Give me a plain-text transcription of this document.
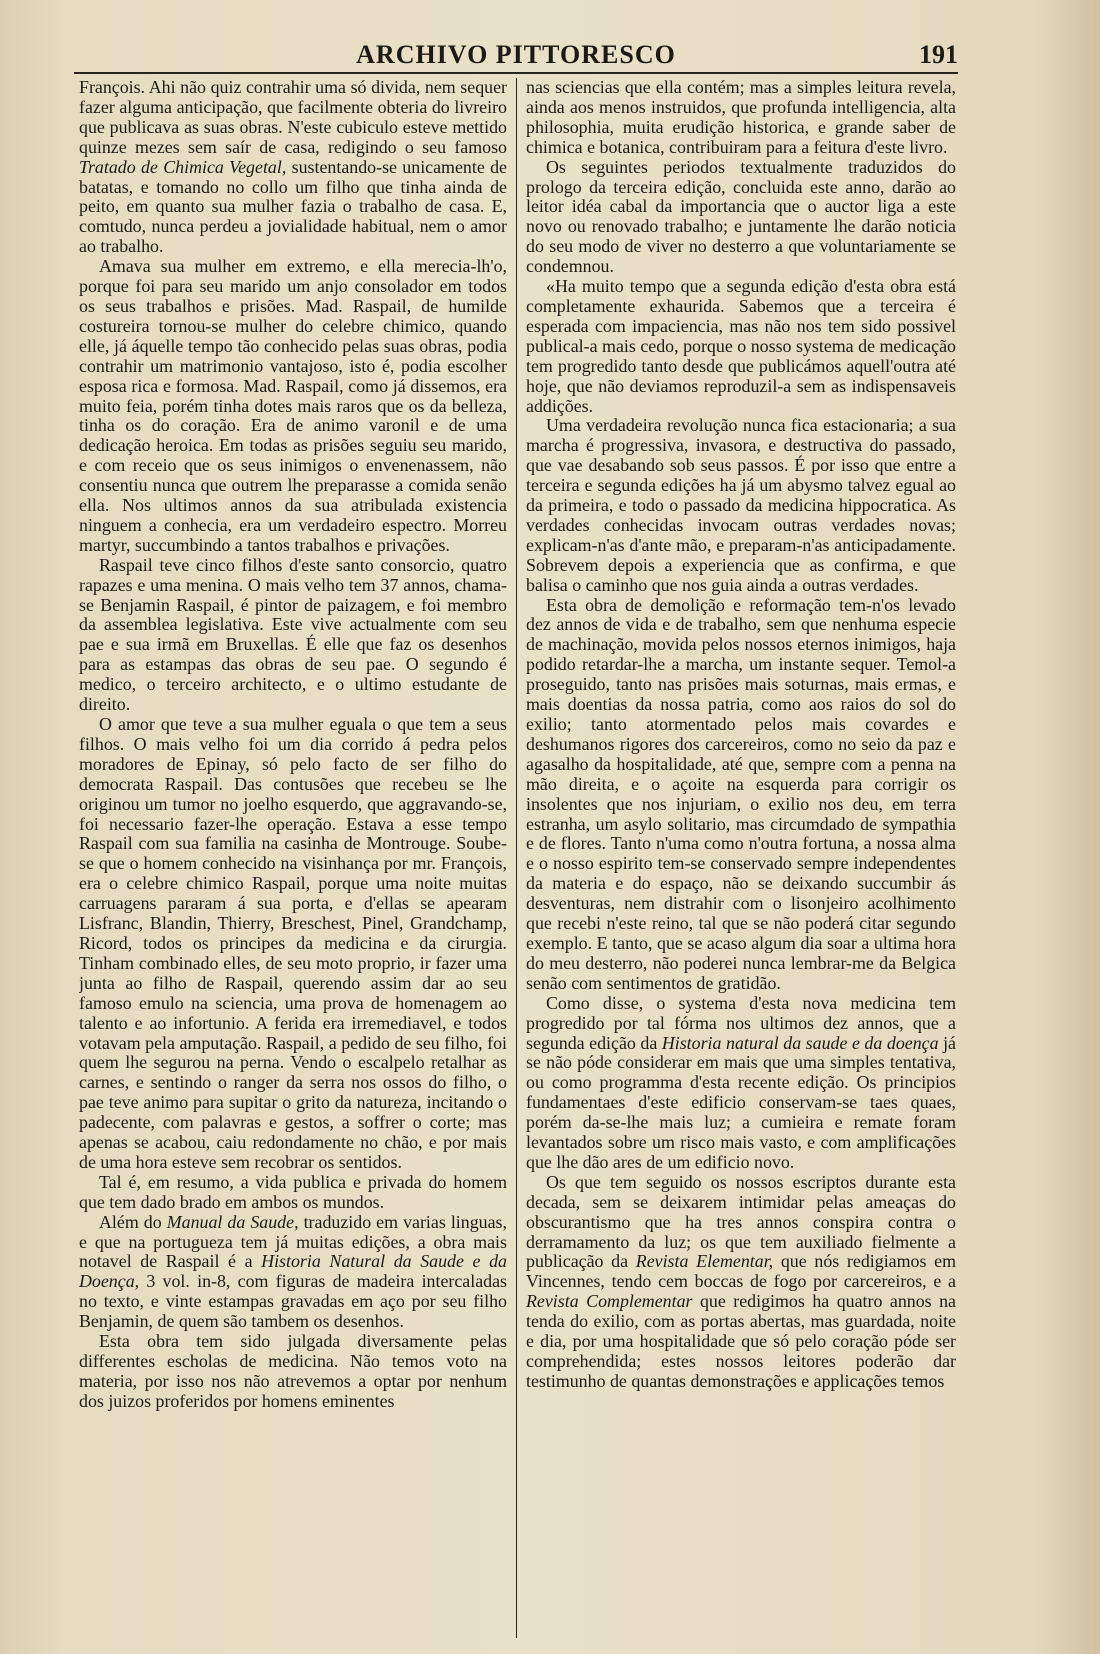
ARCHIVO PITTORESCO	191

François. Ahi não quiz contrahir uma só divida, nem sequer fazer alguma anticipação, que facilmente obteria do livreiro que publicava as suas obras. N'este cubiculo esteve mettido quinze mezes sem saír de casa, redigindo o seu famoso Tratado de Chimica Vegetal, sustentando-se unicamente de batatas, e tomando no collo um filho que tinha ainda de peito, em quanto sua mulher fazia o trabalho de casa. E, comtudo, nunca perdeu a jovialidade habitual, nem o amor ao trabalho.

Amava sua mulher em extremo, e ella merecia-lh'o, porque foi para seu marido um anjo consolador em todos os seus trabalhos e prisões. Mad. Raspail, de humilde costureira tornou-se mulher do celebre chimico, quando elle, já áquelle tempo tão conhecido pelas suas obras, podia contrahir um matrimonio vantajoso, isto é, podia escolher esposa rica e formosa. Mad. Raspail, como já dissemos, era muito feia, porém tinha dotes mais raros que os da belleza, tinha os do coração. Era de animo varonil e de uma dedicação heroica. Em todas as prisões seguiu seu marido, e com receio que os seus inimigos o envenenassem, não consentiu nunca que outrem lhe preparasse a comida senão ella. Nos ultimos annos da sua atribulada existencia ninguem a conhecia, era um verdadeiro espectro. Morreu martyr, succumbindo a tantos trabalhos e privações.

Raspail teve cinco filhos d'este santo consorcio, quatro rapazes e uma menina. O mais velho tem 37 annos, chama-se Benjamin Raspail, é pintor de paizagem, e foi membro da assemblea legislativa. Este vive actualmente com seu pae e sua irmã em Bruxellas. É elle que faz os desenhos para as estampas das obras de seu pae. O segundo é medico, o terceiro architecto, e o ultimo estudante de direito.

O amor que teve a sua mulher eguala o que tem a seus filhos. O mais velho foi um dia corrido á pedra pelos moradores de Epinay, só pelo facto de ser filho do democrata Raspail. Das contusões que recebeu se lhe originou um tumor no joelho esquerdo, que aggravando-se, foi necessario fazer-lhe operação. Estava a esse tempo Raspail com sua familia na casinha de Montrouge. Soube-se que o homem conhecido na visinhança por mr. François, era o celebre chimico Raspail, porque uma noite muitas carruagens pararam á sua porta, e d'ellas se apearam Lisfranc, Blandin, Thierry, Breschest, Pinel, Grandchamp, Ricord, todos os principes da medicina e da cirurgia. Tinham combinado elles, de seu moto proprio, ir fazer uma junta ao filho de Raspail, querendo assim dar ao seu famoso emulo na sciencia, uma prova de homenagem ao talento e ao infortunio. A ferida era irremediavel, e todos votavam pela amputação. Raspail, a pedido de seu filho, foi quem lhe segurou na perna. Vendo o escalpelo retalhar as carnes, e sentindo o ranger da serra nos ossos do filho, o pae teve animo para supitar o grito da natureza, incitando o padecente, com palavras e gestos, a soffrer o corte; mas apenas se acabou, caiu redondamente no chão, e por mais de uma hora esteve sem recobrar os sentidos.

Tal é, em resumo, a vida publica e privada do homem que tem dado brado em ambos os mundos.

Além do Manual da Saude, traduzido em varias linguas, e que na portugueza tem já muitas edições, a obra mais notavel de Raspail é a Historia Natural da Saude e da Doença, 3 vol. in-8, com figuras de madeira intercaladas no texto, e vinte estampas gravadas em aço por seu filho Benjamin, de quem são tambem os desenhos.

Esta obra tem sido julgada diversamente pelas differentes escholas de medicina. Não temos voto na materia, por isso nos não atrevemos a optar por nenhum dos juizos proferidos por homens eminentes

nas sciencias que ella contém; mas a simples leitura revela, ainda aos menos instruidos, que profunda intelligencia, alta philosophia, muita erudição historica, e grande saber de chimica e botanica, contribuiram para a feitura d'este livro.

Os seguintes periodos textualmente traduzidos do prologo da terceira edição, concluida este anno, darão ao leitor idéa cabal da importancia que o auctor liga a este novo ou renovado trabalho; e juntamente lhe darão noticia do seu modo de viver no desterro a que voluntariamente se condemnou.

«Ha muito tempo que a segunda edição d'esta obra está completamente exhaurida. Sabemos que a terceira é esperada com impaciencia, mas não nos tem sido possivel publical-a mais cedo, porque o nosso systema de medicação tem progredido tanto desde que publicámos aquell'outra até hoje, que não deviamos reproduzil-a sem as indispensaveis addições.

Uma verdadeira revolução nunca fica estacionaria; a sua marcha é progressiva, invasora, e destructiva do passado, que vae desabando sob seus passos. É por isso que entre a terceira e segunda edições ha já um abysmo talvez egual ao da primeira, e todo o passado da medicina hippocratica. As verdades conhecidas invocam outras verdades novas; explicam-n'as d'ante mão, e preparam-n'as anticipadamente. Sobrevem depois a experiencia que as confirma, e que balisa o caminho que nos guia ainda a outras verdades.

Esta obra de demolição e reformação tem-n'os levado dez annos de vida e de trabalho, sem que nenhuma especie de machinação, movida pelos nossos eternos inimigos, haja podido retardar-lhe a marcha, um instante sequer. Temol-a proseguido, tanto nas prisões mais soturnas, mais ermas, e mais doentias da nossa patria, como aos raios do sol do exilio; tanto atormentado pelos mais covardes e deshumanos rigores dos carcereiros, como no seio da paz e agasalho da hospitalidade, até que, sempre com a penna na mão direita, e o açoite na esquerda para corrigir os insolentes que nos injuriam, o exilio nos deu, em terra estranha, um asylo solitario, mas circumdado de sympathia e de flores. Tanto n'uma como n'outra fortuna, a nossa alma e o nosso espirito tem-se conservado sempre independentes da materia e do espaço, não se deixando succumbir ás desventuras, nem distrahir com o lisonjeiro acolhimento que recebi n'este reino, tal que se não poderá citar segundo exemplo. E tanto, que se acaso algum dia soar a ultima hora do meu desterro, não poderei nunca lembrar-me da Belgica senão com sentimentos de gratidão.

Como disse, o systema d'esta nova medicina tem progredido por tal fórma nos ultimos dez annos, que a segunda edição da Historia natural da saude e da doença já se não póde considerar em mais que uma simples tentativa, ou como programma d'esta recente edição. Os principios fundamentaes d'este edificio conservam-se taes quaes, porém da-se-lhe mais luz; a cumieira e remate foram levantados sobre um risco mais vasto, e com amplificações que lhe dão ares de um edificio novo.

Os que tem seguido os nossos escriptos durante esta decada, sem se deixarem intimidar pelas ameaças do obscurantismo que ha tres annos conspira contra o derramamento da luz; os que tem auxiliado fielmente a publicação da Revista Elementar, que nós redigiamos em Vincennes, tendo cem boccas de fogo por carcereiros, e a Revista Complementar que redigimos ha quatro annos na tenda do exilio, com as portas abertas, mas guardada, noite e dia, por uma hospitalidade que só pelo coração póde ser comprehendida; estes nossos leitores poderão dar testimunho de quantas demonstrações e applicações temos
